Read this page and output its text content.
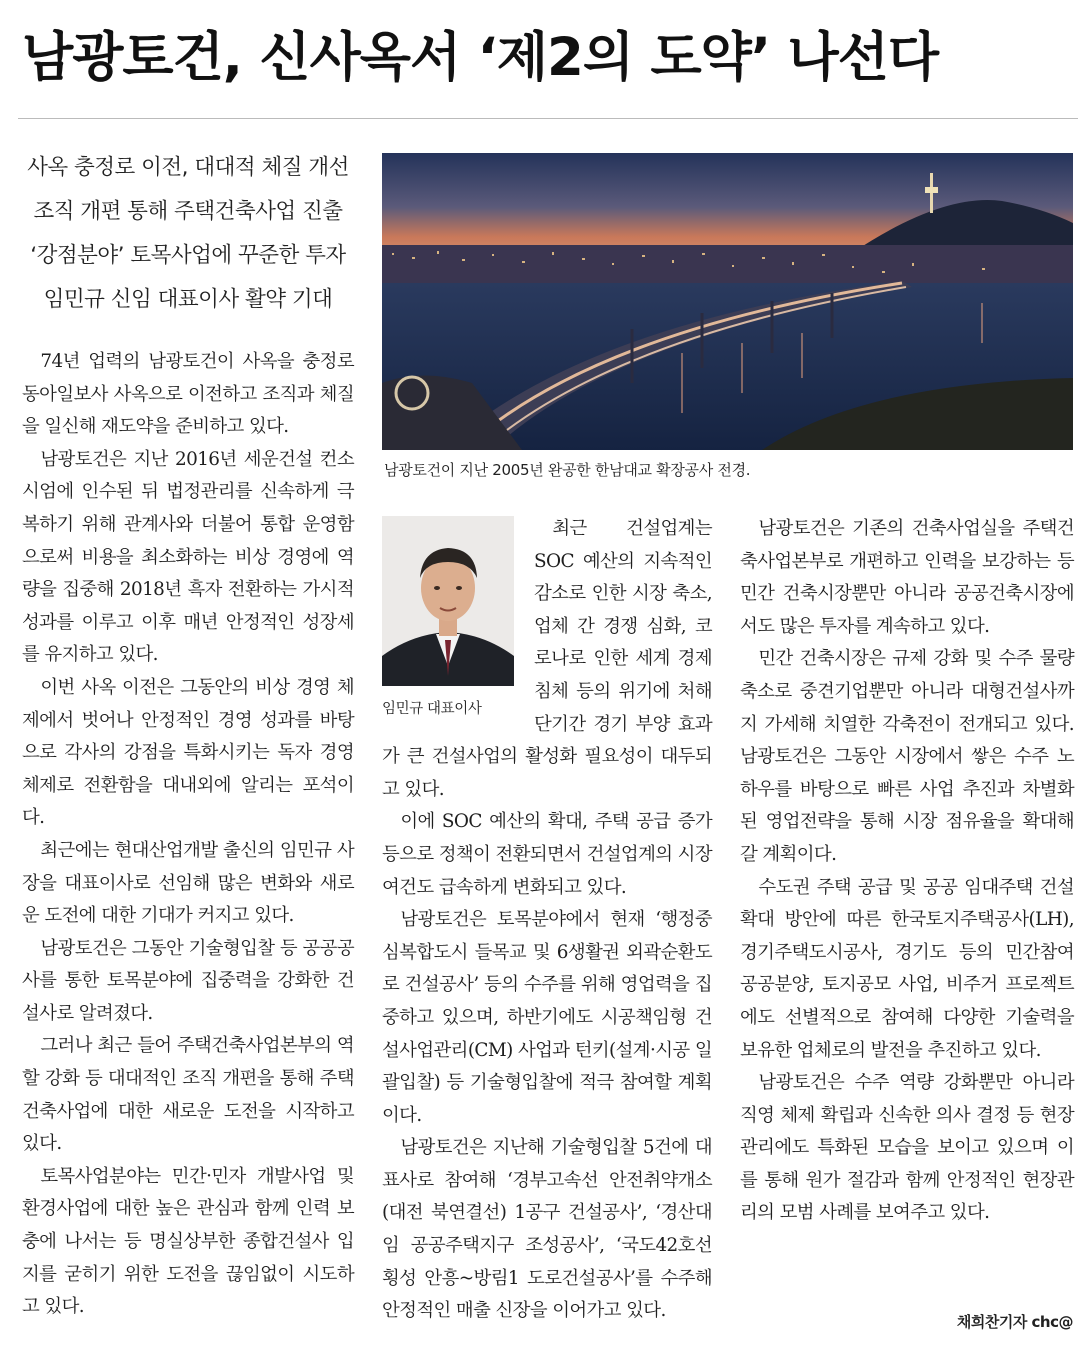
남광토건, 신사옥서 ‘제2의 도약’ 나선다
사옥 충정로 이전, 대대적 체질 개선
조직 개편 통해 주택건축사업 진출
‘강점분야’ 토목사업에 꾸준한 투자
임민규 신임 대표이사 활약 기대
남광토건이 지난 2005년 완공한 한남대교 확장공사 전경.

74년 업력의 남광토건이 사옥을 충정로 동아일보사 사옥으로 이전하고 조직과 체질을 일신해 재도약을 준비하고 있다.

남광토건은 지난 2016년 세운건설 컨소시엄에 인수된 뒤 법정관리를 신속하게 극복하기 위해 관계사와 더불어 통합 운영함으로써 비용을 최소화하는 비상 경영에 역량을 집중해 2018년 흑자 전환하는 가시적 성과를 이루고 이후 매년 안정적인 성장세를 유지하고 있다.

이번 사옥 이전은 그동안의 비상 경영 체제에서 벗어나 안정적인 경영 성과를 바탕으로 각사의 강점을 특화시키는 독자 경영 체제로 전환함을 대내외에 알리는 포석이다.

최근에는 현대산업개발 출신의 임민규 사장을 대표이사로 선임해 많은 변화와 새로운 도전에 대한 기대가 커지고 있다.

남광토건은 그동안 기술형입찰 등 공공공사를 통한 토목분야에 집중력을 강화한 건설사로 알려졌다.

그러나 최근 들어 주택건축사업본부의 역할 강화 등 대대적인 조직 개편을 통해 주택건축사업에 대한 새로운 도전을 시작하고 있다.

토목사업분야는 민간·민자 개발사업 및 환경사업에 대한 높은 관심과 함께 인력 보충에 나서는 등 명실상부한 종합건설사 입지를 굳히기 위한 도전을 끊임없이 시도하고 있다.

임민규 대표이사

최근 건설업계는 SOC 예산의 지속적인 감소로 인한 시장 축소, 업체 간 경쟁 심화, 코로나로 인한 세계 경제 침체 등의 위기에 처해 단기간 경기 부양 효과가 큰 건설사업의 활성화 필요성이 대두되고 있다.

이에 SOC 예산의 확대, 주택 공급 증가 등으로 정책이 전환되면서 건설업계의 시장 여건도 급속하게 변화되고 있다.

남광토건은 토목분야에서 현재 ‘행정중심복합도시 들목교 및 6생활권 외곽순환도로 건설공사’ 등의 수주를 위해 영업력을 집중하고 있으며, 하반기에도 시공책임형 건설사업관리(CM) 사업과 턴키(설계·시공 일괄입찰) 등 기술형입찰에 적극 참여할 계획이다.

남광토건은 지난해 기술형입찰 5건에 대표사로 참여해 ‘경부고속선 안전취약개소(대전 북연결선) 1공구 건설공사’, ‘경산대임 공공주택지구 조성공사’, ‘국도42호선 횡성 안흥~방림1 도로건설공사’를 수주해 안정적인 매출 신장을 이어가고 있다.

남광토건은 기존의 건축사업실을 주택건축사업본부로 개편하고 인력을 보강하는 등 민간 건축시장뿐만 아니라 공공건축시장에서도 많은 투자를 계속하고 있다.

민간 건축시장은 규제 강화 및 수주 물량 축소로 중견기업뿐만 아니라 대형건설사까지 가세해 치열한 각축전이 전개되고 있다. 남광토건은 그동안 시장에서 쌓은 수주 노하우를 바탕으로 빠른 사업 추진과 차별화된 영업전략을 통해 시장 점유율을 확대해 갈 계획이다.

수도권 주택 공급 및 공공 임대주택 건설 확대 방안에 따른 한국토지주택공사(LH), 경기주택도시공사, 경기도 등의 민간참여 공공분양, 토지공모 사업, 비주거 프로젝트에도 선별적으로 참여해 다양한 기술력을 보유한 업체로의 발전을 추진하고 있다.

남광토건은 수주 역량 강화뿐만 아니라 직영 체제 확립과 신속한 의사 결정 등 현장관리에도 특화된 모습을 보이고 있으며 이를 통해 원가 절감과 함께 안정적인 현장관리의 모범 사례를 보여주고 있다.

채희찬기자 chc@
